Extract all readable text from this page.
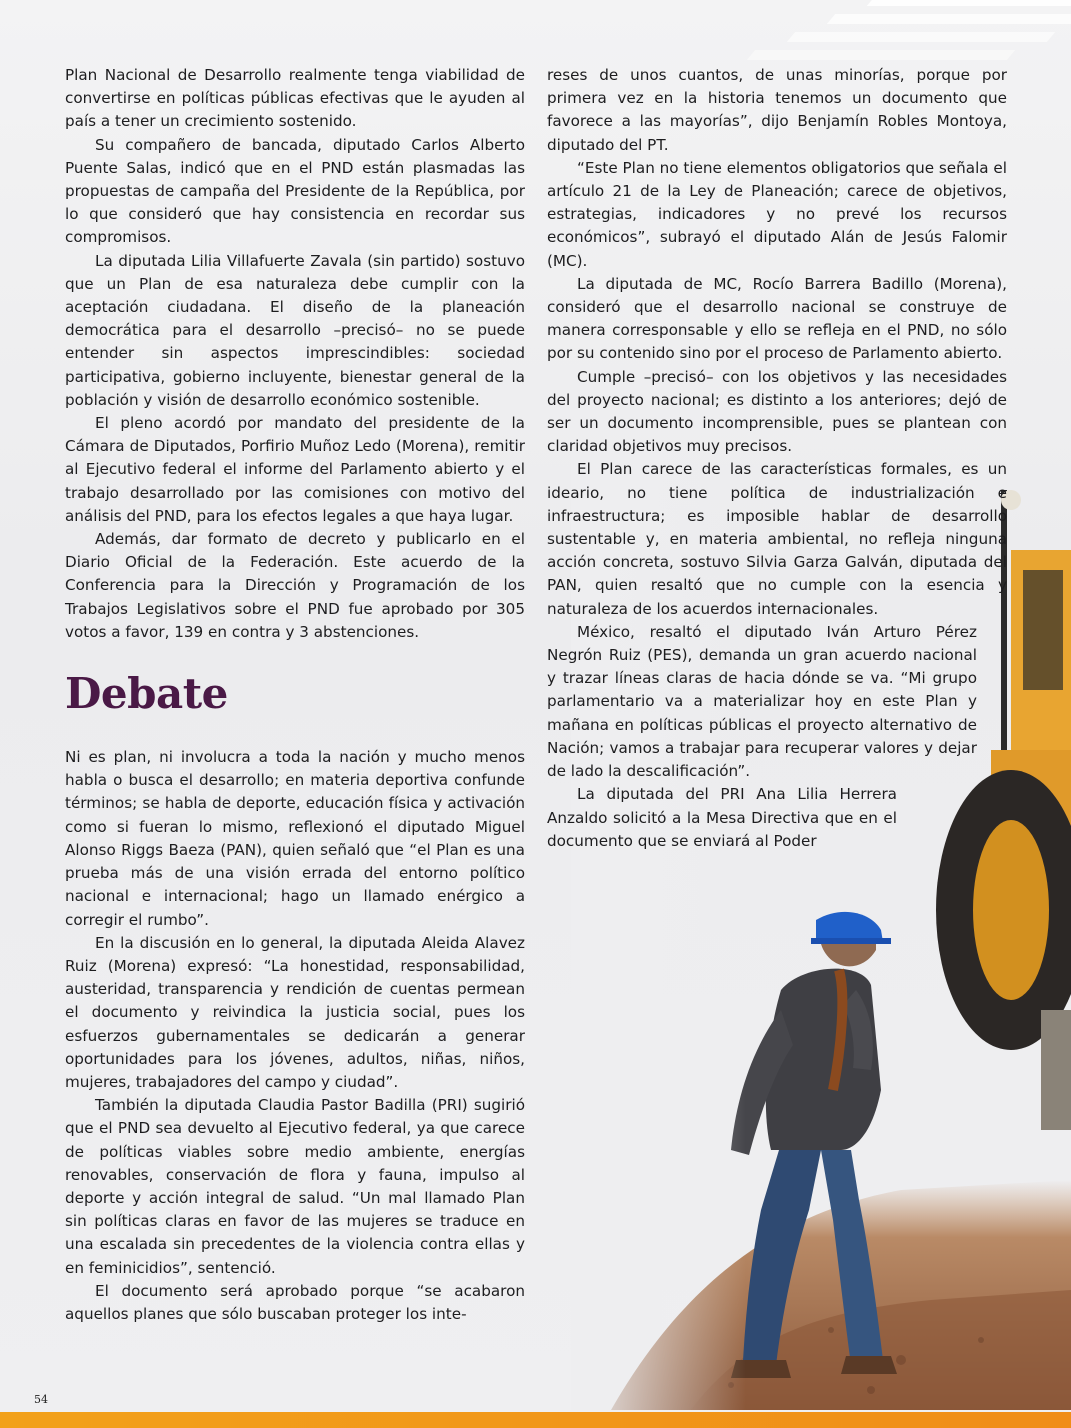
Plan Nacional de Desarrollo realmente tenga viabilidad de convertirse en políticas públicas efectivas que le ayuden al país a tener un crecimiento sostenido.

Su compañero de bancada, diputado Carlos Alberto Puente Salas, indicó que en el PND están plasmadas las propuestas de campaña del Presidente de la República, por lo que consideró que hay consistencia en recordar sus compromisos.

La diputada Lilia Villafuerte Zavala (sin partido) sostuvo que un Plan de esa naturaleza debe cumplir con la aceptación ciudadana. El diseño de la planeación democrática para el desarrollo –precisó– no se puede entender sin aspectos imprescindibles: sociedad participativa, gobierno incluyente, bienestar general de la población y visión de desarrollo económico sostenible.

El pleno acordó por mandato del presidente de la Cámara de Diputados, Porfirio Muñoz Ledo (Morena), remitir al Ejecutivo federal el informe del Parlamento abierto y el trabajo desarrollado por las comisiones con motivo del análisis del PND, para los efectos legales a que haya lugar.

Además, dar formato de decreto y publicarlo en el Diario Oficial de la Federación. Este acuerdo de la Conferencia para la Dirección y Programación de los Trabajos Legislativos sobre el PND fue aprobado por 305 votos a favor, 139 en contra y 3 abstenciones.

Debate

Ni es plan, ni involucra a toda la nación y mucho menos habla o busca el desarrollo; en materia deportiva confunde términos; se habla de deporte, educación física y activación como si fueran lo mismo, reflexionó el diputado Miguel Alonso Riggs Baeza (PAN), quien señaló que “el Plan es una prueba más de una visión errada del entorno político nacional e internacional; hago un llamado enérgico a corregir el rumbo”.

En la discusión en lo general, la diputada Aleida Alavez Ruiz (Morena) expresó: “La honestidad, responsabilidad, austeridad, transparencia y rendición de cuentas permean el documento y reivindica la justicia social, pues los esfuerzos gubernamentales se dedicarán a generar oportunidades para los jóvenes, adultos, niñas, niños, mujeres, trabajadores del campo y ciudad”.

También la diputada Claudia Pastor Badilla (PRI) sugirió que el PND sea devuelto al Ejecutivo federal, ya que carece de políticas viables sobre medio ambiente, energías renovables, conservación de flora y fauna, impulso al deporte y acción integral de salud. “Un mal llamado Plan sin políticas claras en favor de las mujeres se traduce en una escalada sin precedentes de la violencia contra ellas y en feminicidios”, sentenció.

El documento será aprobado porque “se acabaron aquellos planes que sólo buscaban proteger los inte-

reses de unos cuantos, de unas minorías, porque por primera vez en la historia tenemos un documento que favorece a las mayorías”, dijo Benjamín Robles Montoya, diputado del PT.

“Este Plan no tiene elementos obligatorios que señala el artículo 21 de la Ley de Planeación; carece de objetivos, estrategias, indicadores y no prevé los recursos económicos”, subrayó el diputado Alán de Jesús Falomir (MC).

La diputada de MC, Rocío Barrera Badillo (Morena), consideró que el desarrollo nacional se construye de manera corresponsable y ello se refleja en el PND, no sólo por su contenido sino por el proceso de Parlamento abierto.

Cumple –precisó– con los objetivos y las necesidades del proyecto nacional; es distinto a los anteriores; dejó de ser un documento incomprensible, pues se plantean con claridad objetivos muy precisos.

El Plan carece de las características formales, es un ideario, no tiene política de industrialización e infraestructura; es imposible hablar de desarrollo sustentable y, en materia ambiental, no refleja ninguna acción concreta, sostuvo Silvia Garza Galván, diputada del PAN, quien resaltó que no cumple con la esencia y naturaleza de los acuerdos internacionales.

México, resaltó el diputado Iván Arturo Pérez Negrón Ruiz (PES), demanda un gran acuerdo nacional y trazar líneas claras de hacia dónde se va. “Mi grupo parlamentario va a materializar hoy en este Plan y mañana en políticas públicas el proyecto alternativo de Nación; vamos a trabajar para recuperar valores y dejar de lado la descalificación”.

La diputada del PRI Ana Lilia Herrera Anzaldo solicitó a la Mesa Directiva que en el documento que se enviará al Poder

54
